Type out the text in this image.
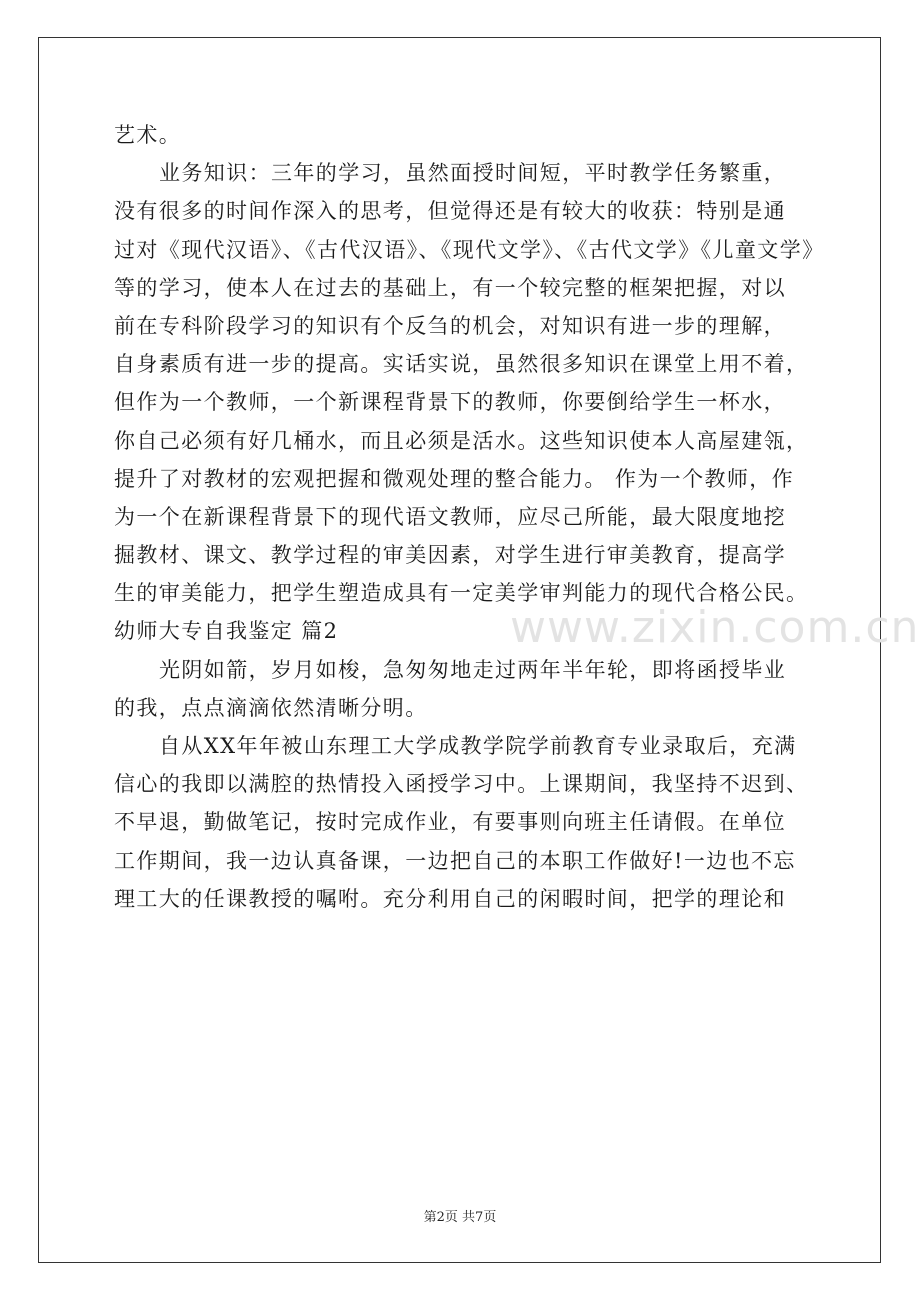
www.zixin.com.cn
艺术。
业务知识：三年的学习，虽然面授时间短，平时教学任务繁重，
没有很多的时间作深入的思考，但觉得还是有较大的收获：特别是通
过对《现代汉语》、《古代汉语》、《现代文学》、《古代文学》《儿童文学》
等的学习，使本人在过去的基础上，有一个较完整的框架把握，对以
前在专科阶段学习的知识有个反刍的机会，对知识有进一步的理解，
自身素质有进一步的提高。实话实说，虽然很多知识在课堂上用不着，
但作为一个教师，一个新课程背景下的教师，你要倒给学生一杯水，
你自己必须有好几桶水，而且必须是活水。这些知识使本人高屋建瓴，
提升了对教材的宏观把握和微观处理的整合能力。 作为一个教师，作
为一个在新课程背景下的现代语文教师，应尽己所能，最大限度地挖
掘教材、课文、教学过程的审美因素，对学生进行审美教育，提高学
生的审美能力，把学生塑造成具有一定美学审判能力的现代合格公民。
幼师大专自我鉴定 篇2
光阴如箭，岁月如梭，急匆匆地走过两年半年轮，即将函授毕业
的我，点点滴滴依然清晰分明。
自从XX年年被山东理工大学成教学院学前教育专业录取后，充满
信心的我即以满腔的热情投入函授学习中。上课期间，我坚持不迟到、
不早退，勤做笔记，按时完成作业，有要事则向班主任请假。在单位
工作期间，我一边认真备课，一边把自己的本职工作做好!一边也不忘
理工大的任课教授的嘱咐。充分利用自己的闲暇时间，把学的理论和
第2页 共7页
